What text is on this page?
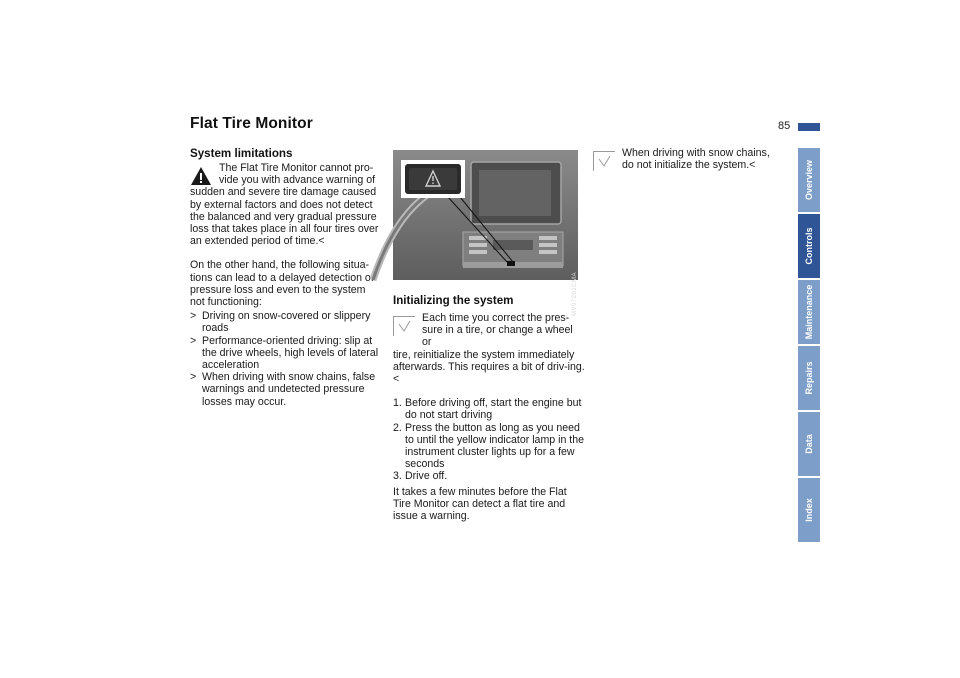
Flat Tire Monitor	85
Overview
Controls
Maintenance
Repairs
Data
Index
System limitations

The Flat Tire Monitor cannot pro-

vide you with advance warning of

sudden and severe tire damage caused by external factors and does not detect the balanced and very gradual pressure loss that takes place in all four tires over an extended period of time.<

On the other hand, the following situa-tions can lead to a delayed detection of pressure loss and even to the system not functioning:

> Driving on snow-covered or slippery roads
> Performance-oriented driving: slip at the drive wheels, high levels of lateral acceleration
> When driving with snow chains, false warnings and undetected pressure losses may occur.
MV07201CMA
Initializing the system

Each time you correct the pres-

sure in a tire, or change a wheel or

tire, reinitialize the system immediately afterwards. This requires a bit of driv-ing.<

1. Before driving off, start the engine but do not start driving
2. Press the button as long as you need to until the yellow indicator lamp in the instrument cluster lights up for a few seconds
3. Drive off.

It takes a few minutes before the Flat Tire Monitor can detect a flat tire and issue a warning.

When driving with snow chains,

do not initialize the system.<
